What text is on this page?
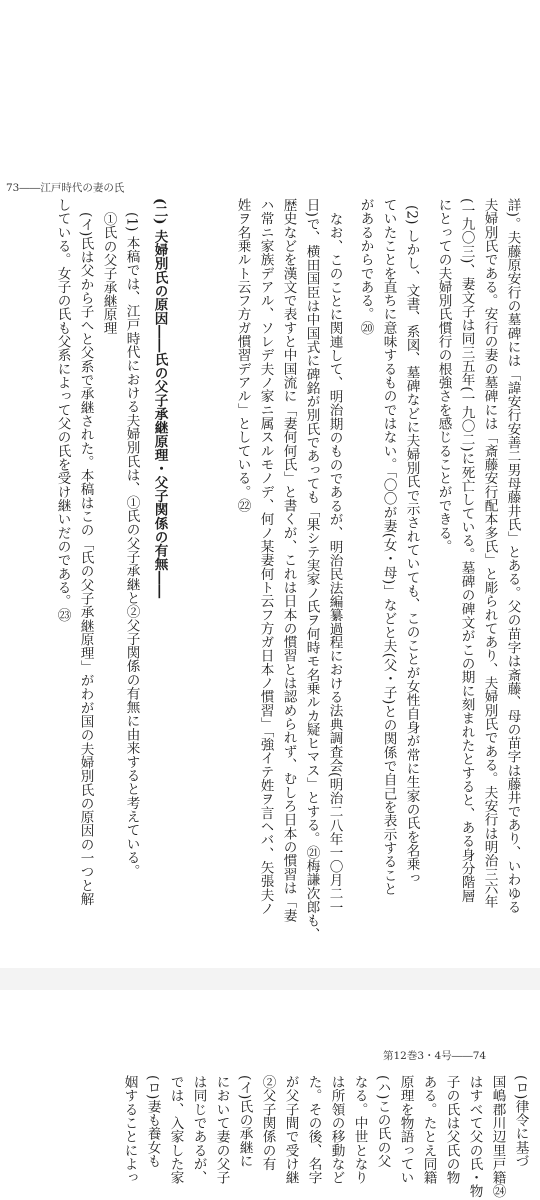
73――江戸時代の妻の氏
詳)。夫藤原安行の墓碑には「諱安行安善二男母藤井氏」とある。父の苗字は斎藤、母の苗字は藤井であり、いわゆる
夫婦別氏である。安行の妻の墓碑には「斎藤安行配本多氏」と彫られてあり、夫婦別氏である。夫安行は明治三六年
(一九〇三)、妻文子は同三五年(一九〇二)に死亡している。墓碑の碑文がこの期に刻まれたとすると、ある身分階層
にとっての夫婦別氏慣行の根強さを感じることができる。
(2) しかし、文書、系図、墓碑などに夫婦別氏で示されていても、このことが女性自身が常に生家の氏を名乗っ
ていたことを直ちに意味するものではない。「〇〇が妻(女・母)」などと夫(父・子)との関係で自己を表示すること
があるからである。⑳
なお、このことに関連して、明治期のものであるが、明治民法編纂過程における法典調査会(明治二八年一〇月二一
日)で、横田国臣は中国式に碑銘が別氏であっても「果シテ実家ノ氏ヲ何時モ名乗ルカ疑ヒマス」とする。㉑梅謙次郎も、
歴史などを漢文で表すと中国流に「妻何何氏」と書くが、これは日本の慣習とは認められず、むしろ日本の慣習は「妻
ハ常ニ家族デアル、ソレデ夫ノ家ニ属スルモノデ、何ノ某妻何ト云フ方ガ日本ノ慣習」「強イテ姓ヲ言ヘバ、矢張夫ノ
姓ヲ名乗ルト云フ方ガ慣習デアル」としている。㉒
(二) 夫婦別氏の原因――氏の父子承継原理・父子関係の有無――
(1) 本稿では、江戸時代における夫婦別氏は、①氏の父子承継と②父子関係の有無に由来すると考えている。
①氏の父子承継原理
(イ)氏は父から子へと父系で承継された。本稿はこの「氏の父子承継原理」がわが国の夫婦別氏の原因の一つと解
している。女子の氏も父系によって父の氏を受け継いだのである。㉓
第12巻3・4号――74
(ロ)律令に基づ
国嶋郡川辺里戸籍㉔
はすべて父の氏・物
子の氏は父氏の物
ある。たとえ同籍
原理を物語ってい
(ハ)この氏の父
なる。中世となり
は所領の移動など
た。その後、名字
が父子間で受け継
②父子関係の有
(イ)氏の承継に
において妻の父子
は同じであるが、
では、入家した家
(ロ)妻も養女も
姻することによっ
